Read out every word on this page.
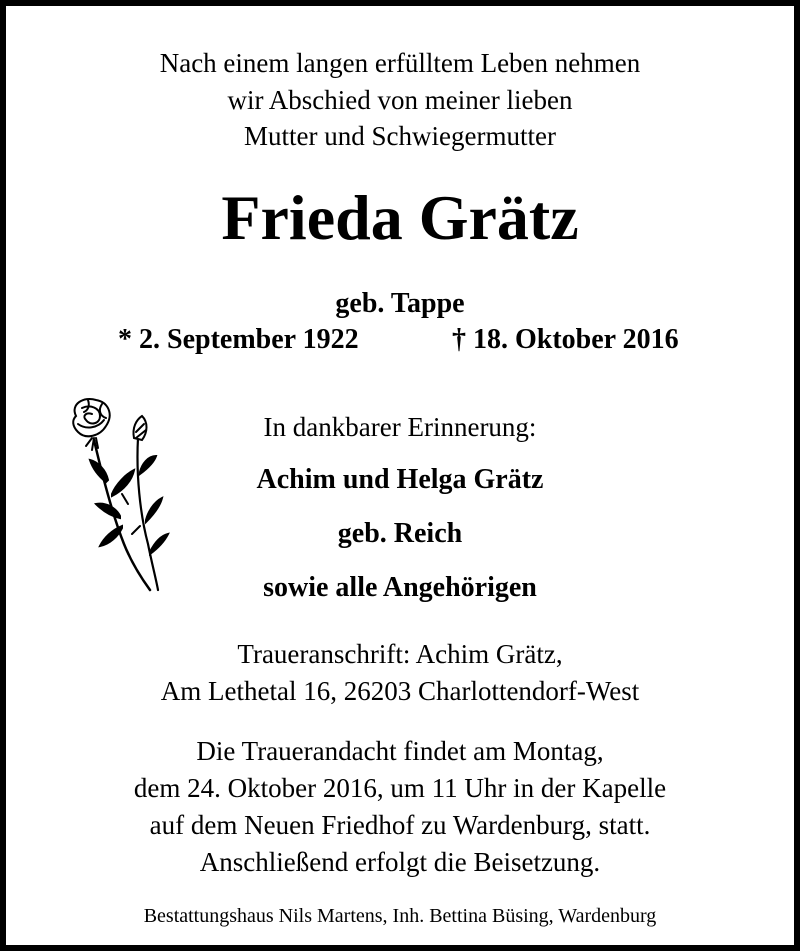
Nach einem langen erfülltem Leben nehmen
wir Abschied von meiner lieben
Mutter und Schwiegermutter
Frieda Grätz
geb. Tappe
* 2. September 1922	† 18. Oktober 2016
In dankbarer Erinnerung:
Achim und Helga Grätz
geb. Reich
sowie alle Angehörigen
Traueranschrift: Achim Grätz,
Am Lethetal 16, 26203 Charlottendorf-West
Die Trauerandacht findet am Montag,
dem 24. Oktober 2016, um 11 Uhr in der Kapelle
auf dem Neuen Friedhof zu Wardenburg, statt.
Anschließend erfolgt die Beisetzung.
Bestattungshaus Nils Martens, Inh. Bettina Büsing, Wardenburg
